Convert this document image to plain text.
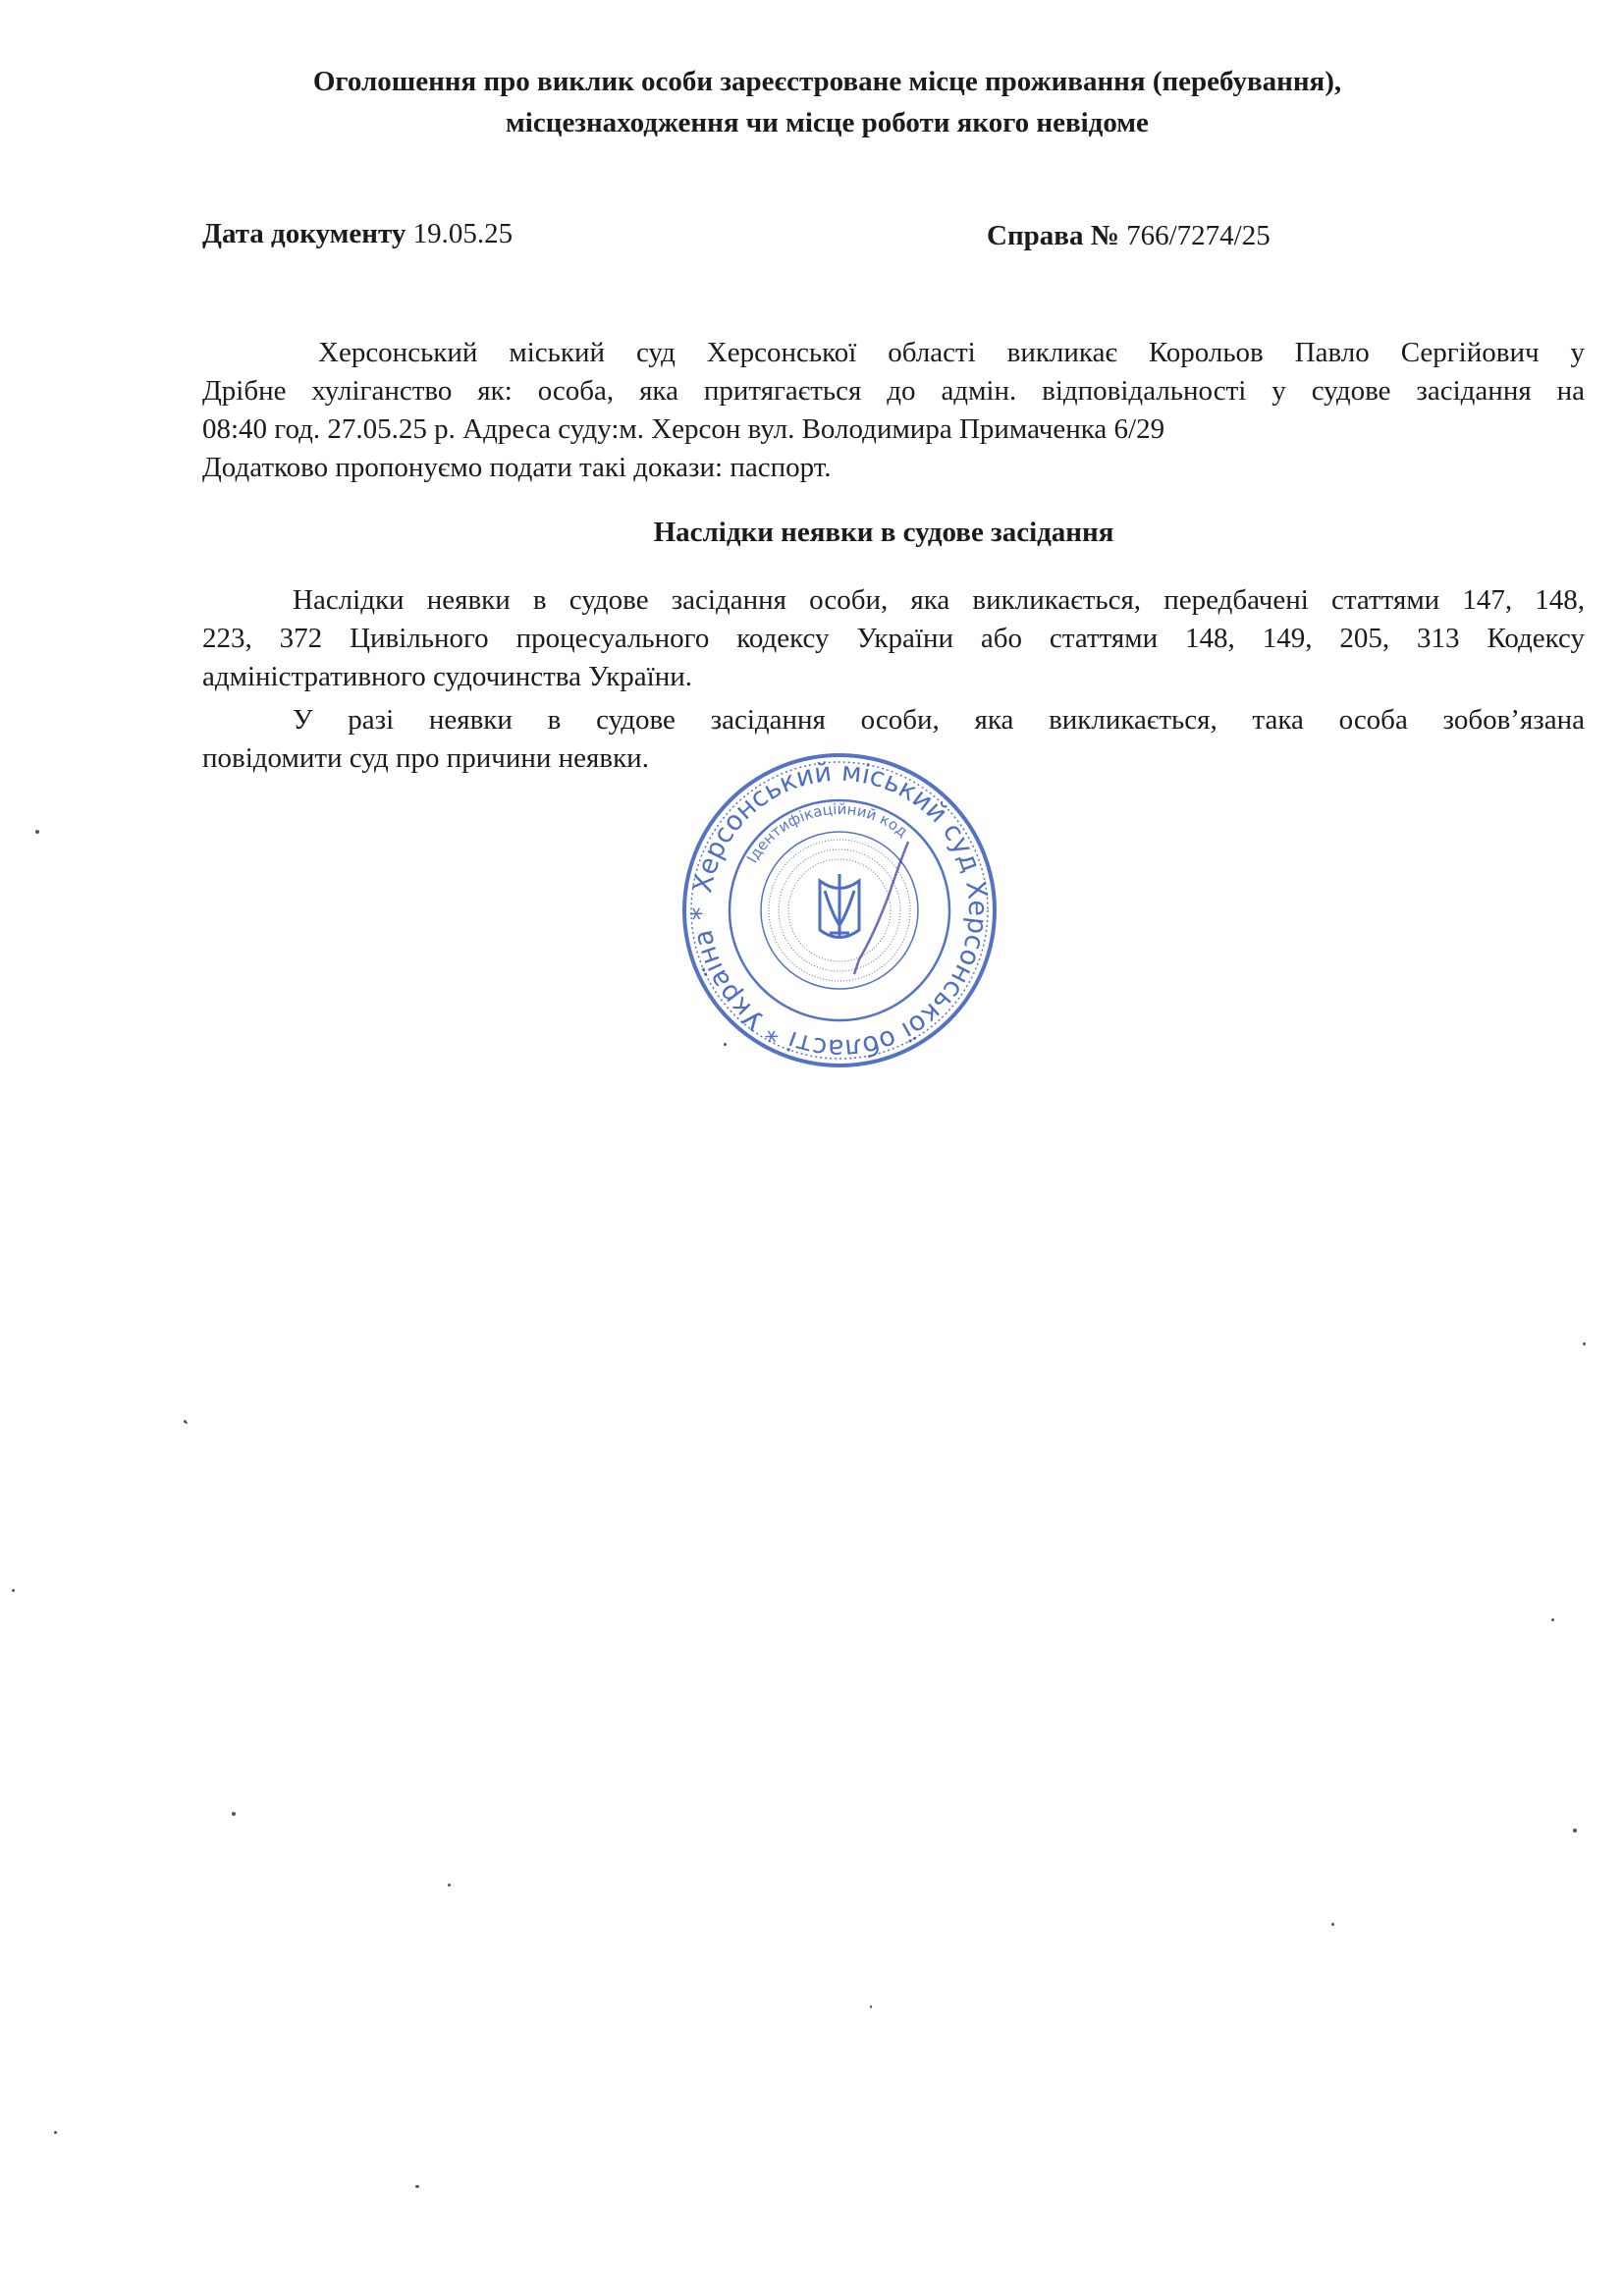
Оголошення про виклик особи зареєстроване місце проживання (перебування),
місцезнаходження чи місце роботи якого невідоме
Дата документу 19.05.25	Справа № 766/7274/25
Херсонський міський суд Херсонської області викликає Корольов Павло Сергійович у
Дрібне хуліганство як: особа, яка притягається до адмін. відповідальності у судове засідання на
08:40 год. 27.05.25 р. Адреса суду:м. Херсон вул. Володимира Примаченка 6/29
Додатково пропонуємо подати такі докази: паспорт.
Наслідки неявки в судове засідання
Наслідки неявки в судове засідання особи, яка викликається, передбачені статтями 147, 148,
223, 372 Цивільного процесуального кодексу України або статтями 148, 149, 205, 313 Кодексу
адміністративного судочинства України.
У разі неявки в судове засідання особи, яка викликається, така особа зобов’язана
повідомити суд про причини неявки.
Херсонський міський суд Херсонської області * Україна *
Ідентифікаційний код
